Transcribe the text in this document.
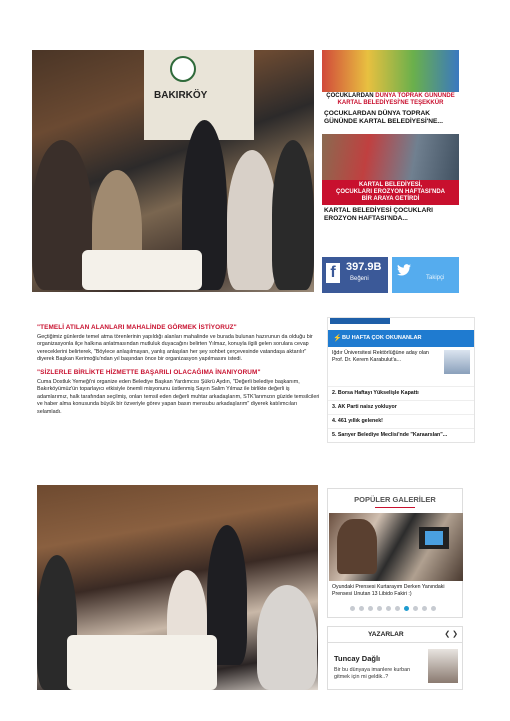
BAKIRKÖY	ÇOCUKLARDAN DÜNYA TOPRAK GÜNÜNDE
KARTAL BELEDİYESİ'NE TEŞEKKÜR
ÇOCUKLARDAN DÜNYA TOPRAK GÜNÜNDE KARTAL BELEDİYESİ'NE...
KARTAL BELEDİYESİ,
ÇOCUKLARI EROZYON HAFTASI'NDA
BİR ARAYA GETİRDİ
KARTAL BELEDİYESİ ÇOCUKLARI EROZYON HAFTASI'NDA...
f 397.9B
Beğeni	Takipçi
"TEMELİ ATILAN ALANLARI MAHALİNDE GÖRMEK İSTİYORUZ"

Geçtiğimiz günlerde temel atma törenlerinin yapıldığı alanları mahalinde ve burada bulunan hazırunun da olduğu bir organizasyonla ilçe halkına anlatmasından mutluluk duyacağını belirten Yılmaz, konuyla ilgili gelen sorulara cevap vereceklerini belirterek, "Böylece anlaşılmayan, yanlış anlaşılan her şey sohbet çerçevesinde vatandaşa aktarılır" diyerek Başkan Kerimoğlu'ndan yıl başından önce bir organizasyon yapılmasını istedi.

"SİZLERLE BİRLİKTE HİZMETTE BAŞARILI OLACAĞIMA İNANIYORUM"

Cuma Dostluk Yemeği'ni organize eden Belediye Başkan Yardımcısı Şükrü Aydın, "Değerli belediye başkanım, Bakırköyümüz'ün toparlayıcı etkisiyle önemli misyonunu üstlenmiş Sayın Salim Yılmaz ile birlikte değerli iş adamlarımız, halk tarafından seçilmiş, onları temsil eden değerli muhtar arkadaşlarım, STK'larımızın güzide temsilcileri ve haber alma konusunda büyük bir özveriyle görev yapan basın mensubu arkadaşlarım" diyerek katılımcıları selamladı.

⚡ BU HAFTA ÇOK OKUNANLAR
Iğdır Üniversitesi Rektörlüğüne aday olan Prof. Dr. Kerem Karabulut'a...
2. Borsa Haftayı Yükselişle Kapattı
3. AK Parti naisz yokluyor
4. 461 yıllık gelenek!
5. Sarıyer Belediye Meclisi'nde "Karaarslan"...
POPÜLER GALERİLER
Oyundaki Prensesi Kurtarayım Derken Yanındaki Prensesi Unutan 13 Libido Fakiri :)
YAZARLAR	❮ ❯
Tuncay Dağlı
Bir bu dünyaya imanlere kurban gitmek için mi geldik..?
